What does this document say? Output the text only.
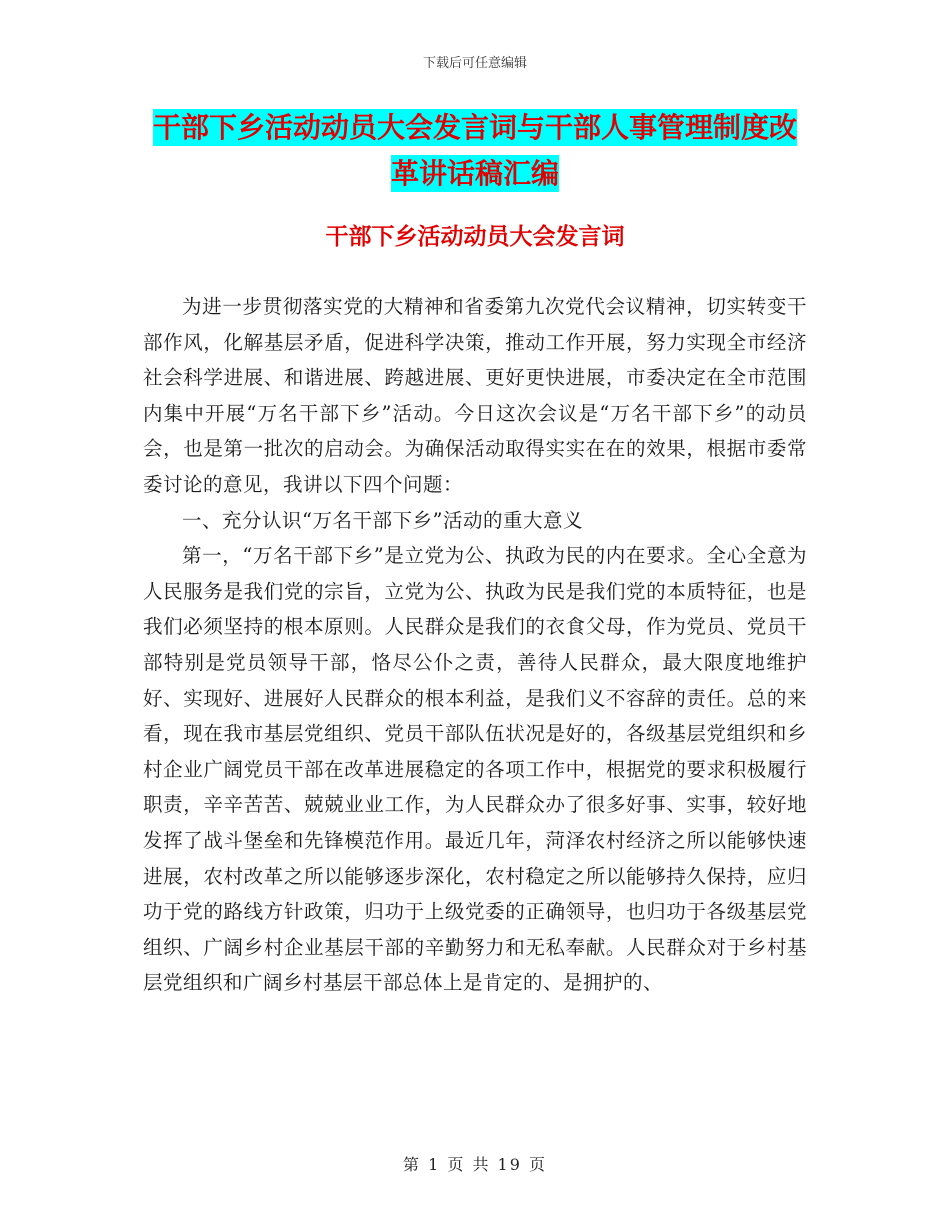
下载后可任意编辑
干部下乡活动动员大会发言词与干部人事管理制度改革讲话稿汇编
干部下乡活动动员大会发言词

为进一步贯彻落实党的大精神和省委第九次党代会议精神，切实转变干部作风，化解基层矛盾，促进科学决策，推动工作开展，努力实现全市经济社会科学进展、和谐进展、跨越进展、更好更快进展，市委决定在全市范围内集中开展“万名干部下乡”活动。今日这次会议是“万名干部下乡”的动员会，也是第一批次的启动会。为确保活动取得实实在在的效果，根据市委常委讨论的意见，我讲以下四个问题：

一、充分认识“万名干部下乡”活动的重大意义

第一，“万名干部下乡”是立党为公、执政为民的内在要求。全心全意为人民服务是我们党的宗旨，立党为公、执政为民是我们党的本质特征，也是我们必须坚持的根本原则。人民群众是我们的衣食父母，作为党员、党员干部特别是党员领导干部，恪尽公仆之责，善待人民群众，最大限度地维护好、实现好、进展好人民群众的根本利益，是我们义不容辞的责任。总的来看，现在我市基层党组织、党员干部队伍状况是好的，各级基层党组织和乡村企业广阔党员干部在改革进展稳定的各项工作中，根据党的要求积极履行职责，辛辛苦苦、兢兢业业工作，为人民群众办了很多好事、实事，较好地发挥了战斗堡垒和先锋模范作用。最近几年，菏泽农村经济之所以能够快速进展，农村改革之所以能够逐步深化，农村稳定之所以能够持久保持，应归功于党的路线方针政策，归功于上级党委的正确领导，也归功于各级基层党组织、广阔乡村企业基层干部的辛勤努力和无私奉献。人民群众对于乡村基层党组织和广阔乡村基层干部总体上是肯定的、是拥护的、

第 1 页 共 19 页
